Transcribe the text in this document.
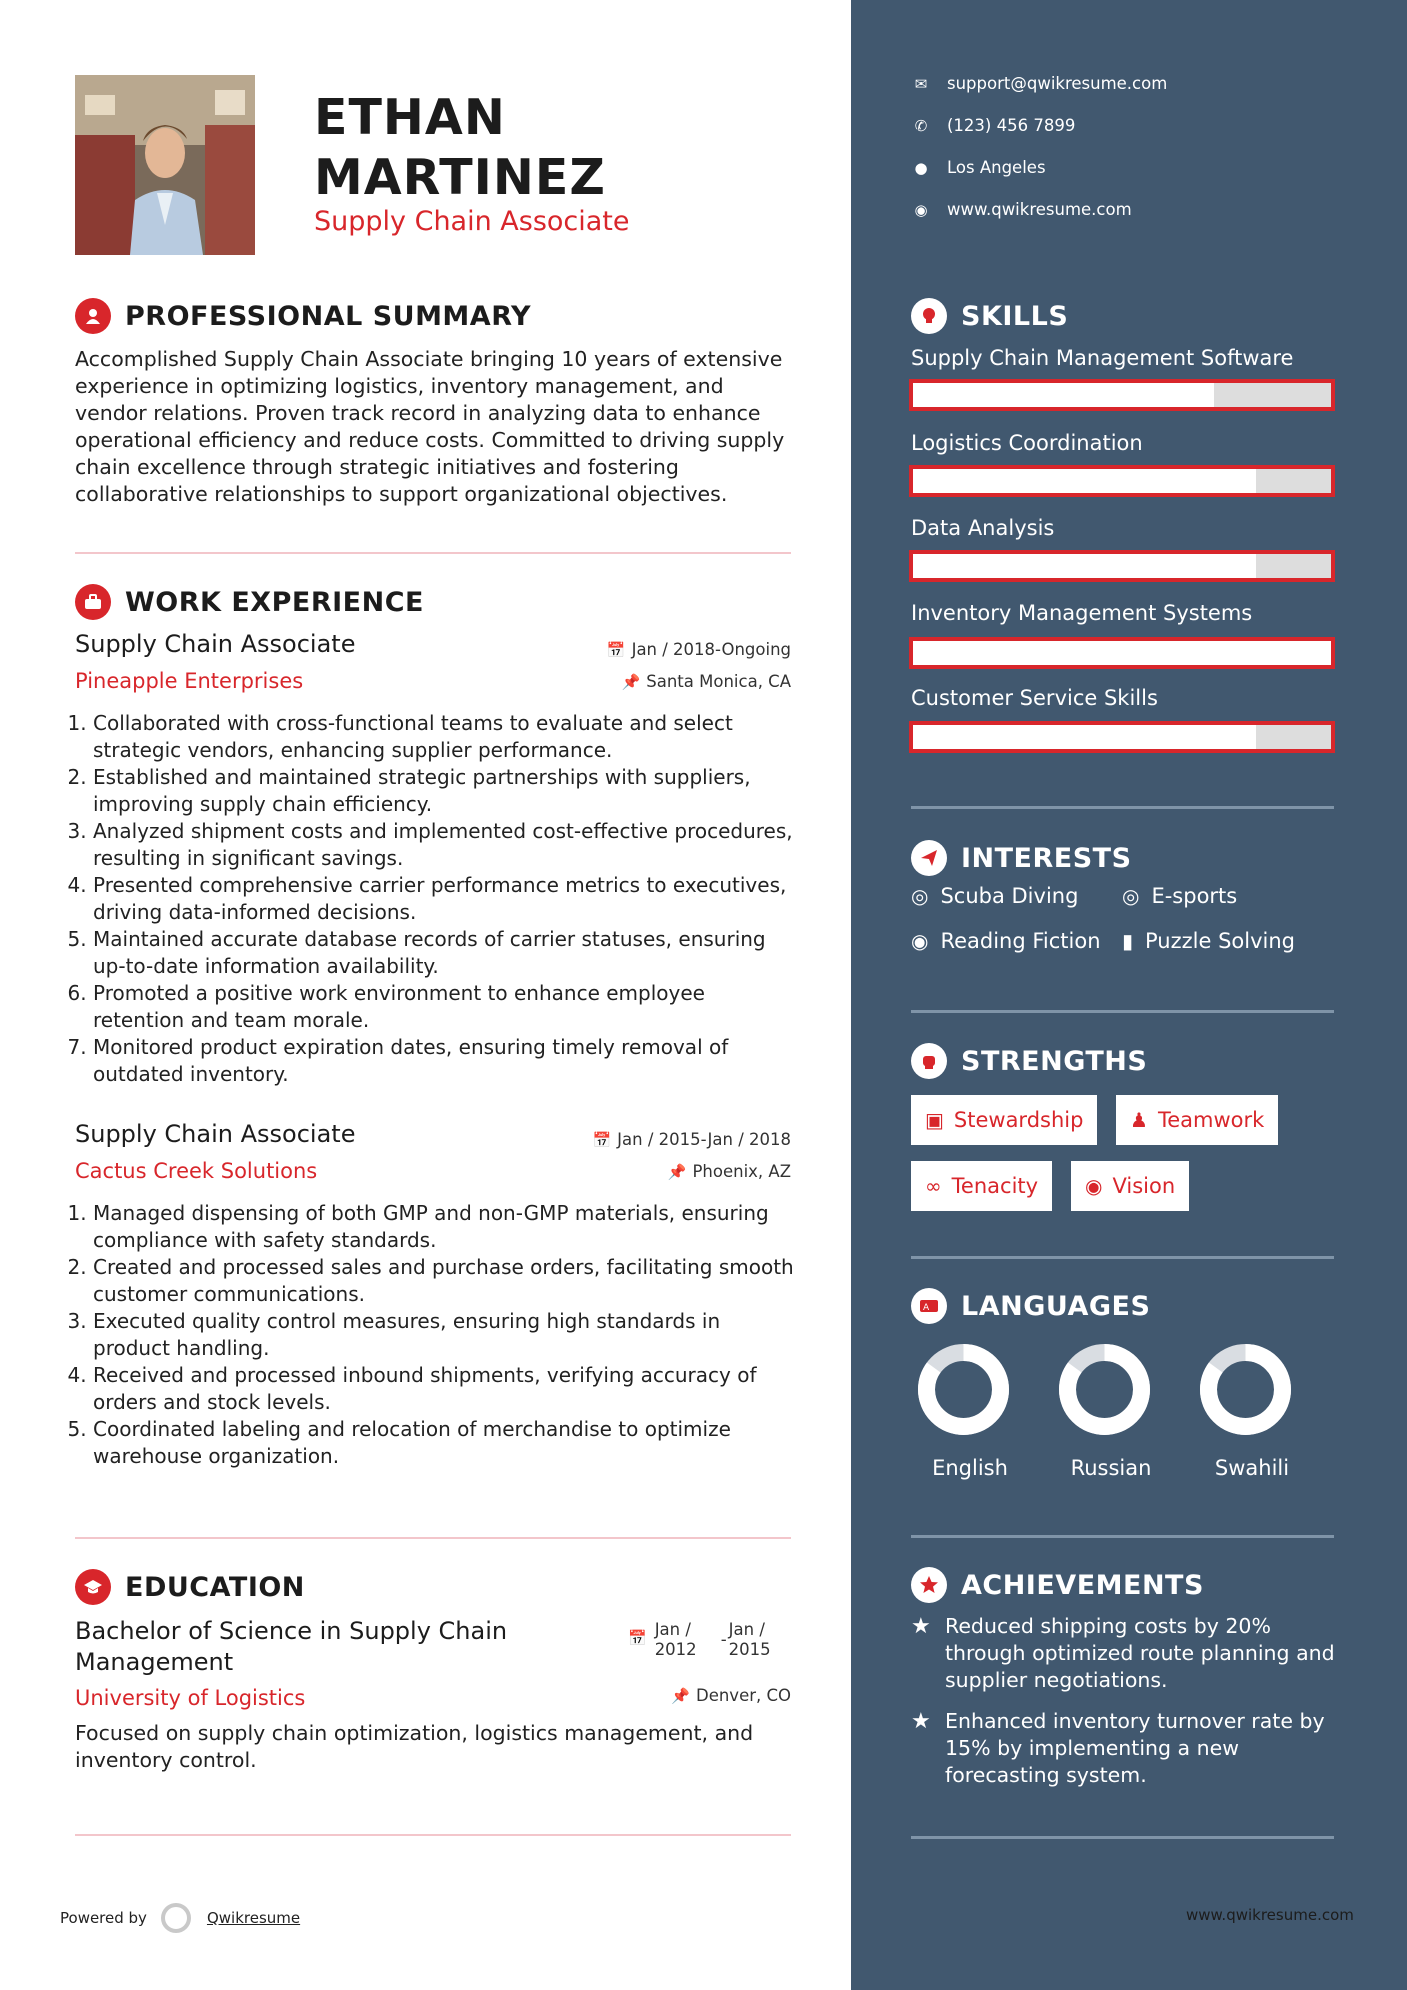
ETHAN
MARTINEZ
Supply Chain Associate
PROFESSIONAL SUMMARY
Accomplished Supply Chain Associate bringing 10 years of extensive experience in optimizing logistics, inventory management, and vendor relations. Proven track record in analyzing data to enhance operational efficiency and reduce costs. Committed to driving supply chain excellence through strategic initiatives and fostering collaborative relationships to support organizational objectives.
WORK EXPERIENCE
Supply Chain Associate
Pineapple Enterprises
📅 Jan / 2018-Ongoing
📌 Santa Monica, CA
1. Collaborated with cross-functional teams to evaluate and select strategic vendors, enhancing supplier performance.
2. Established and maintained strategic partnerships with suppliers, improving supply chain efficiency.
3. Analyzed shipment costs and implemented cost-effective procedures, resulting in significant savings.
4. Presented comprehensive carrier performance metrics to executives, driving data-informed decisions.
5. Maintained accurate database records of carrier statuses, ensuring up-to-date information availability.
6. Promoted a positive work environment to enhance employee retention and team morale.
7. Monitored product expiration dates, ensuring timely removal of outdated inventory.
Supply Chain Associate
Cactus Creek Solutions
📅 Jan / 2015-Jan / 2018
📌 Phoenix, AZ
1. Managed dispensing of both GMP and non-GMP materials, ensuring compliance with safety standards.
2. Created and processed sales and purchase orders, facilitating smooth customer communications.
3. Executed quality control measures, ensuring high standards in product handling.
4. Received and processed inbound shipments, verifying accuracy of orders and stock levels.
5. Coordinated labeling and relocation of merchandise to optimize warehouse organization.
EDUCATION
Bachelor of Science in Supply Chain
Management
University of Logistics
📅 Jan /
2012
-
Jan /
2015
📌 Denver, CO
Focused on supply chain optimization, logistics management, and inventory control.
Powered by	Qwikresume
✉ support@qwikresume.com
✆ (123) 456 7899
● Los Angeles
◉ www.qwikresume.com
SKILLS
Supply Chain Management Software
Logistics Coordination
Data Analysis
Inventory Management Systems
Customer Service Skills
INTERESTS
◎ Scuba Diving ◎ E-sports
◉ Reading Fiction ▮ Puzzle Solving
STRENGTHS
▣ Stewardship ♟ Teamwork
∞ Tenacity ◉ Vision
A LANGUAGES
English	Russian	Swahili
ACHIEVEMENTS
★ Reduced shipping costs by 20% through optimized route planning and supplier negotiations.
★ Enhanced inventory turnover rate by 15% by implementing a new forecasting system.
www.qwikresume.com
